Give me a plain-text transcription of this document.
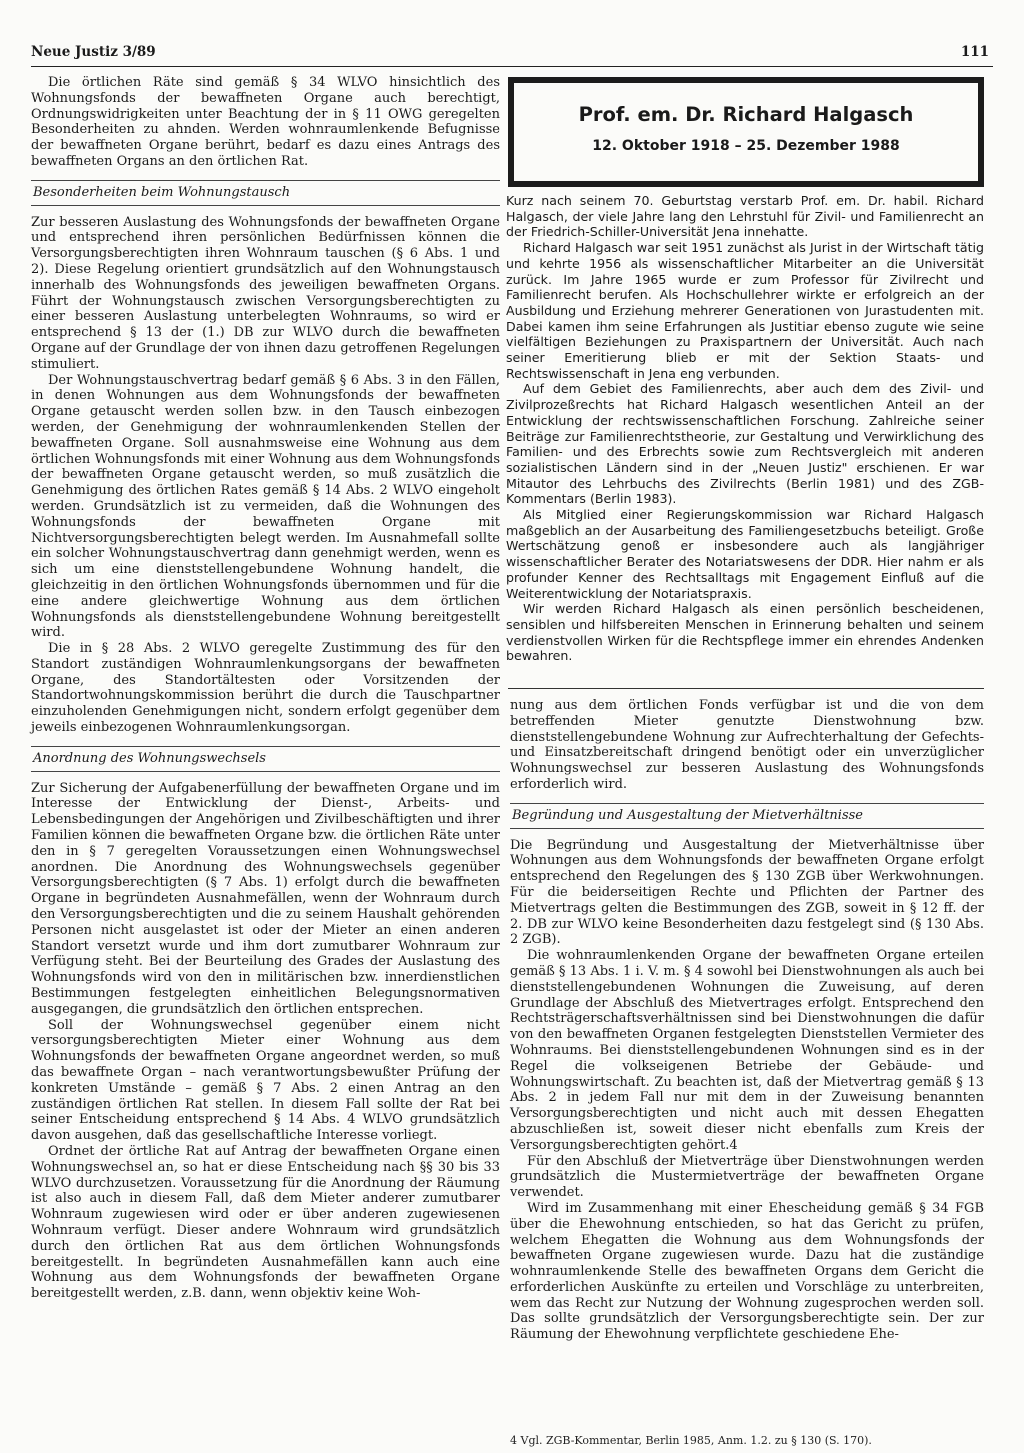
Neue Justiz 3/89	111

Die örtlichen Räte sind gemäß § 34 WLVO hinsichtlich des Wohnungsfonds der bewaffneten Organe auch berechtigt, Ordnungswidrigkeiten unter Beachtung der in § 11 OWG geregelten Besonderheiten zu ahnden. Werden wohnraumlenkende Befugnisse der bewaffneten Organe berührt, bedarf es dazu eines Antrags des bewaffneten Organs an den örtlichen Rat.

Besonderheiten beim Wohnungstausch

Zur besseren Auslastung des Wohnungsfonds der bewaffneten Organe und entsprechend ihren persönlichen Bedürfnissen können die Versorgungsberechtigten ihren Wohnraum tauschen (§ 6 Abs. 1 und 2). Diese Regelung orientiert grundsätzlich auf den Wohnungstausch innerhalb des Wohnungsfonds des jeweiligen bewaffneten Organs. Führt der Wohnungstausch zwischen Versorgungsberechtigten zu einer besseren Auslastung unterbelegten Wohnraums, so wird er entsprechend § 13 der (1.) DB zur WLVO durch die bewaffneten Organe auf der Grundlage der von ihnen dazu getroffenen Regelungen stimuliert.

Der Wohnungstauschvertrag bedarf gemäß § 6 Abs. 3 in den Fällen, in denen Wohnungen aus dem Wohnungsfonds der bewaffneten Organe getauscht werden sollen bzw. in den Tausch einbezogen werden, der Genehmigung der wohnraumlenkenden Stellen der bewaffneten Organe. Soll ausnahmsweise eine Wohnung aus dem örtlichen Wohnungsfonds mit einer Wohnung aus dem Wohnungsfonds der bewaffneten Organe getauscht werden, so muß zusätzlich die Genehmigung des örtlichen Rates gemäß § 14 Abs. 2 WLVO eingeholt werden. Grundsätzlich ist zu vermeiden, daß die Wohnungen des Wohnungsfonds der bewaffneten Organe mit Nichtversorgungsberechtigten belegt werden. Im Ausnahmefall sollte ein solcher Wohnungstauschvertrag dann genehmigt werden, wenn es sich um eine dienststellengebundene Wohnung handelt, die gleichzeitig in den örtlichen Wohnungsfonds übernommen und für die eine andere gleichwertige Wohnung aus dem örtlichen Wohnungsfonds als dienststellengebundene Wohnung bereitgestellt wird.

Die in § 28 Abs. 2 WLVO geregelte Zustimmung des für den Standort zuständigen Wohnraumlenkungsorgans der bewaffneten Organe, des Standortältesten oder Vorsitzenden der Standortwohnungskommission berührt die durch die Tauschpartner einzuholenden Genehmigungen nicht, sondern erfolgt gegenüber dem jeweils einbezogenen Wohnraumlenkungsorgan.

Anordnung des Wohnungswechsels

Zur Sicherung der Aufgabenerfüllung der bewaffneten Organe und im Interesse der Entwicklung der Dienst-, Arbeits- und Lebensbedingungen der Angehörigen und Zivilbeschäftigten und ihrer Familien können die bewaffneten Organe bzw. die örtlichen Räte unter den in § 7 geregelten Voraussetzungen einen Wohnungswechsel anordnen. Die Anordnung des Wohnungswechsels gegenüber Versorgungsberechtigten (§ 7 Abs. 1) erfolgt durch die bewaffneten Organe in begründeten Ausnahmefällen, wenn der Wohnraum durch den Versorgungsberechtigten und die zu seinem Haushalt gehörenden Personen nicht ausgelastet ist oder der Mieter an einen anderen Standort versetzt wurde und ihm dort zumutbarer Wohnraum zur Verfügung steht. Bei der Beurteilung des Grades der Auslastung des Wohnungsfonds wird von den in militärischen bzw. innerdienstlichen Bestimmungen festgelegten einheitlichen Belegungsnormativen ausgegangen, die grundsätzlich den örtlichen entsprechen.

Soll der Wohnungswechsel gegenüber einem nicht versorgungsberechtigten Mieter einer Wohnung aus dem Wohnungsfonds der bewaffneten Organe angeordnet werden, so muß das bewaffnete Organ – nach verantwortungsbewußter Prüfung der konkreten Umstände – gemäß § 7 Abs. 2 einen Antrag an den zuständigen örtlichen Rat stellen. In diesem Fall sollte der Rat bei seiner Entscheidung entsprechend § 14 Abs. 4 WLVO grundsätzlich davon ausgehen, daß das gesellschaftliche Interesse vorliegt.

Ordnet der örtliche Rat auf Antrag der bewaffneten Organe einen Wohnungswechsel an, so hat er diese Entscheidung nach §§ 30 bis 33 WLVO durchzusetzen. Voraussetzung für die Anordnung der Räumung ist also auch in diesem Fall, daß dem Mieter anderer zumutbarer Wohnraum zugewiesen wird oder er über anderen zugewiesenen Wohnraum verfügt. Dieser andere Wohnraum wird grundsätzlich durch den örtlichen Rat aus dem örtlichen Wohnungsfonds bereitgestellt. In begründeten Ausnahmefällen kann auch eine Wohnung aus dem Wohnungsfonds der bewaffneten Organe bereitgestellt werden, z.B. dann, wenn objektiv keine Woh-

Prof. em. Dr. Richard Halgasch
12. Oktober 1918 – 25. Dezember 1988

Kurz nach seinem 70. Geburtstag verstarb Prof. em. Dr. habil. Richard Halgasch, der viele Jahre lang den Lehrstuhl für Zivil- und Familienrecht an der Friedrich-Schiller-Universität Jena innehatte.

Richard Halgasch war seit 1951 zunächst als Jurist in der Wirtschaft tätig und kehrte 1956 als wissenschaftlicher Mitarbeiter an die Universität zurück. Im Jahre 1965 wurde er zum Professor für Zivilrecht und Familienrecht berufen. Als Hochschullehrer wirkte er erfolgreich an der Ausbildung und Erziehung mehrerer Generationen von Jurastudenten mit. Dabei kamen ihm seine Erfahrungen als Justitiar ebenso zugute wie seine vielfältigen Beziehungen zu Praxispartnern der Universität. Auch nach seiner Emeritierung blieb er mit der Sektion Staats- und Rechtswissenschaft in Jena eng verbunden.

Auf dem Gebiet des Familienrechts, aber auch dem des Zivil- und Zivilprozeßrechts hat Richard Halgasch wesentlichen Anteil an der Entwicklung der rechtswissenschaftlichen Forschung. Zahlreiche seiner Beiträge zur Familienrechtstheorie, zur Gestaltung und Verwirklichung des Familien- und des Erbrechts sowie zum Rechtsvergleich mit anderen sozialistischen Ländern sind in der „Neuen Justiz" erschienen. Er war Mitautor des Lehrbuchs des Zivilrechts (Berlin 1981) und des ZGB-Kommentars (Berlin 1983).

Als Mitglied einer Regierungskommission war Richard Halgasch maßgeblich an der Ausarbeitung des Familiengesetzbuchs beteiligt. Große Wertschätzung genoß er insbesondere auch als langjähriger wissenschaftlicher Berater des Notariatswesens der DDR. Hier nahm er als profunder Kenner des Rechtsalltags mit Engagement Einfluß auf die Weiterentwicklung der Notariatspraxis.

Wir werden Richard Halgasch als einen persönlich bescheidenen, sensiblen und hilfsbereiten Menschen in Erinnerung behalten und seinem verdienstvollen Wirken für die Rechtspflege immer ein ehrendes Andenken bewahren.

nung aus dem örtlichen Fonds verfügbar ist und die von dem betreffenden Mieter genutzte Dienstwohnung bzw. dienststellengebundene Wohnung zur Aufrechterhaltung der Gefechts- und Einsatzbereitschaft dringend benötigt oder ein unverzüglicher Wohnungswechsel zur besseren Auslastung des Wohnungsfonds erforderlich wird.

Begründung und Ausgestaltung der Mietverhältnisse

Die Begründung und Ausgestaltung der Mietverhältnisse über Wohnungen aus dem Wohnungsfonds der bewaffneten Organe erfolgt entsprechend den Regelungen des § 130 ZGB über Werkwohnungen. Für die beiderseitigen Rechte und Pflichten der Partner des Mietvertrags gelten die Bestimmungen des ZGB, soweit in § 12 ff. der 2. DB zur WLVO keine Besonderheiten dazu festgelegt sind (§ 130 Abs. 2 ZGB).

Die wohnraumlenkenden Organe der bewaffneten Organe erteilen gemäß § 13 Abs. 1 i. V. m. § 4 sowohl bei Dienstwohnungen als auch bei dienststellengebundenen Wohnungen die Zuweisung, auf deren Grundlage der Abschluß des Mietvertrages erfolgt. Entsprechend den Rechtsträgerschaftsverhältnissen sind bei Dienstwohnungen die dafür von den bewaffneten Organen festgelegten Dienststellen Vermieter des Wohnraums. Bei dienststellengebundenen Wohnungen sind es in der Regel die volkseigenen Betriebe der Gebäude- und Wohnungswirtschaft. Zu beachten ist, daß der Mietvertrag gemäß § 13 Abs. 2 in jedem Fall nur mit dem in der Zuweisung benannten Versorgungsberechtigten und nicht auch mit dessen Ehegatten abzuschließen ist, soweit dieser nicht ebenfalls zum Kreis der Versorgungsberechtigten gehört.4

Für den Abschluß der Mietverträge über Dienstwohnungen werden grundsätzlich die Mustermietverträge der bewaffneten Organe verwendet.

Wird im Zusammenhang mit einer Ehescheidung gemäß § 34 FGB über die Ehewohnung entschieden, so hat das Gericht zu prüfen, welchem Ehegatten die Wohnung aus dem Wohnungsfonds der bewaffneten Organe zugewiesen wurde. Dazu hat die zuständige wohnraumlenkende Stelle des bewaffneten Organs dem Gericht die erforderlichen Auskünfte zu erteilen und Vorschläge zu unterbreiten, wem das Recht zur Nutzung der Wohnung zugesprochen werden soll. Das sollte grundsätzlich der Versorgungsberechtigte sein. Der zur Räumung der Ehewohnung verpflichtete geschiedene Ehe-

4 Vgl. ZGB-Kommentar, Berlin 1985, Anm. 1.2. zu § 130 (S. 170).
